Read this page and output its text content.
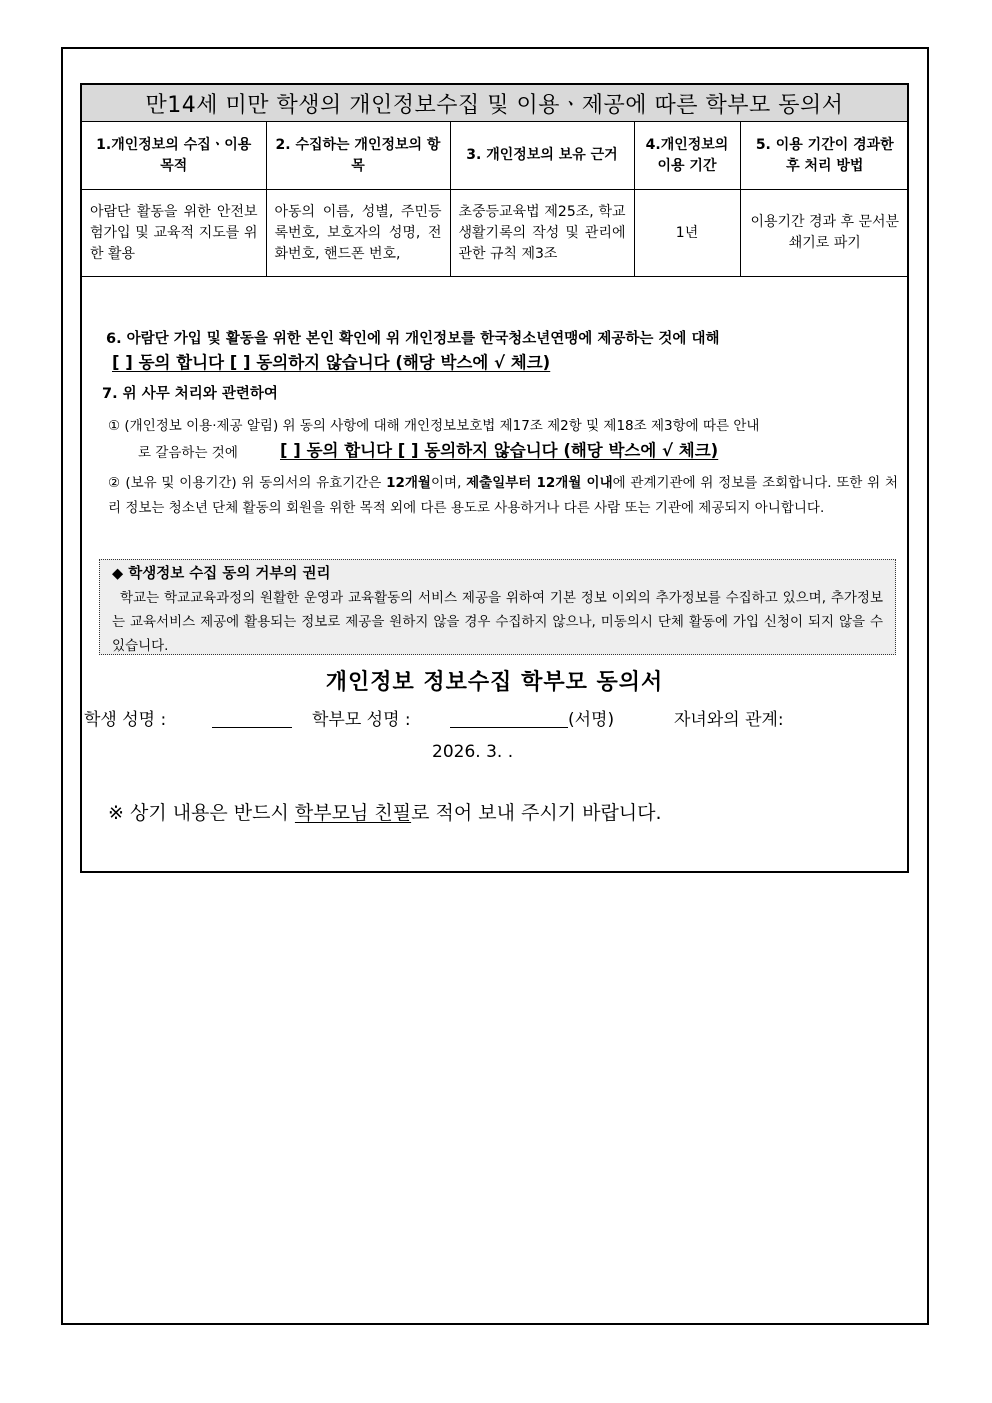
만14세 미만 학생의 개인정보수집 및 이용ㆍ제공에 따른 학부모 동의서
1.개인정보의 수집ㆍ이용 목적	2. 수집하는 개인정보의 항목	3. 개인정보의 보유 근거	4.개인정보의 이용 기간	5. 이용 기간이 경과한 후 처리 방법
아람단 활동을 위한 안전보험가입 및 교육적 지도를 위한 활용	아동의 이름, 성별, 주민등록번호, 보호자의 성명, 전화번호, 핸드폰 번호,	초중등교육법 제25조, 학교생활기록의 작성 및 관리에 관한 규칙 제3조	1년	이용기간 경과 후 문서분쇄기로 파기
6. 아람단 가입 및 활동을 위한 본인 확인에 위 개인정보를 한국청소년연맹에 제공하는 것에 대해
[ ] 동의 합니다 [ ] 동의하지 않습니다 (해당 박스에 √ 체크)
7. 위 사무 처리와 관련하여
① (개인정보 이용·제공 알림) 위 동의 사항에 대해 개인정보보호법 제17조 제2항 및 제18조 제3항에 따른 안내
로 갈음하는 것에	[ ] 동의 합니다 [ ] 동의하지 않습니다 (해당 박스에 √ 체크)
② (보유 및 이용기간) 위 동의서의 유효기간은 12개월이며, 제출일부터 12개월 이내에 관계기관에 위 정보를 조회합니다. 또한 위 처리 정보는 청소년 단체 활동의 회원을 위한 목적 외에 다른 용도로 사용하거나 다른 사람 또는 기관에 제공되지 아니합니다.
◆ 학생정보 수집 동의 거부의 권리
학교는 학교교육과정의 원활한 운영과 교육활동의 서비스 제공을 위하여 기본 정보 이외의 추가정보를 수집하고 있으며, 추가정보는 교육서비스 제공에 활용되는 정보로 제공을 원하지 않을 경우 수집하지 않으나, 미동의시 단체 활동에 가입 신청이 되지 않을 수 있습니다.
개인정보 정보수집 학부모 동의서
학생 성명 :	학부모 성명 :	(서명)	자녀와의 관계:
2026. 3. .
※ 상기 내용은 반드시 학부모님 친필로 적어 보내 주시기 바랍니다.
